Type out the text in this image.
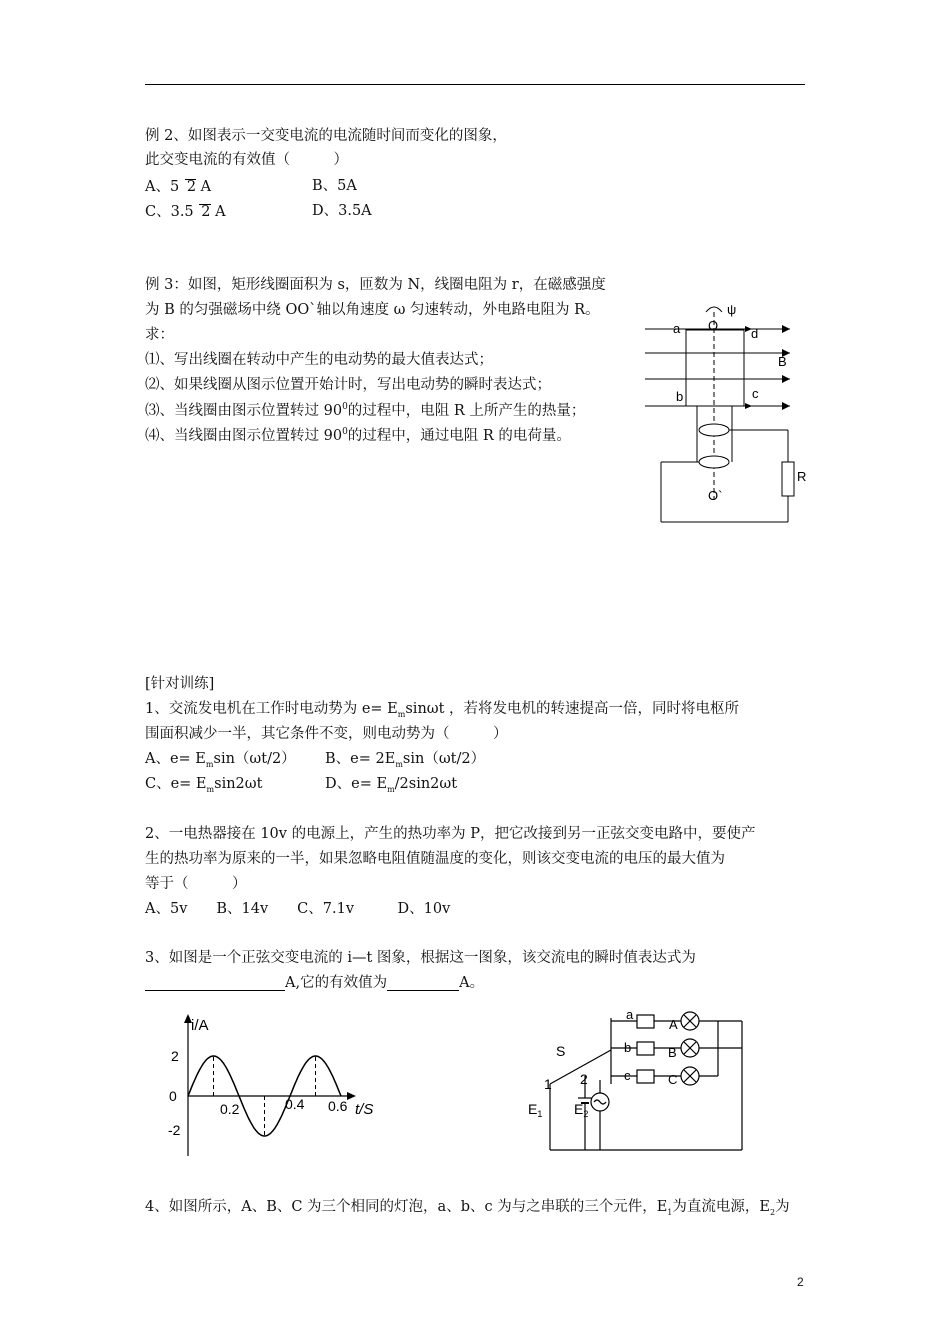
例 2、如图表示一交变电流的电流随时间而变化的图象，
此交变电流的有效值（　　　）
A、5 2 A	B、5A
C、3.5 2 A	D、3.5A
例 3：如图，矩形线圈面积为 s，匝数为 N，线圈电阻为 r，在磁感强度
为 B 的匀强磁场中绕 OO`轴以角速度 ω 匀速转动，外电路电阻为 R。
求：
⑴、写出线圈在转动中产生的电动势的最大值表达式；
⑵、如果线圈从图示位置开始计时，写出电动势的瞬时表达式；
⑶、当线圈由图示位置转过 $90^0$的过程中，电阻 R 上所产生的热量；
⑷、当线圈由图示位置转过 $90^0$的过程中，通过电阻 R 的电荷量。
a O
ψ
d
B
b	c
O`
R
[针对训练]
1、交流发电机在工作时电动势为 $e= E_m\sin\omega t$ ，若将发电机的转速提高一倍，同时将电枢所
围面积减少一半，其它条件不变，则电动势为（　　　）
A、$e= E_m\sin(\omega t/2)$ B、$e= 2E_m\sin(\omega t/2)$
C、$e= E_m\sin 2\omega t$	D、$e= E_m/2\sin 2\omega t$
2、一电热器接在 10v 的电源上，产生的热功率为 P，把它改接到另一正弦交变电路中，要使产
生的热功率为原来的一半，如果忽略电阻值随温度的变化，则该交变电流的电压的最大值为
等于（　　　）
A、5v　　B、14v　　C、7.1v　　　D、10v
3、如图是一个正弦交变电流的 i—t 图象，根据这一图象，该交流电的瞬时值表达式为
A,它的有效值为	A。
i/A
t/S
2
0
-2
0.2	0.4 0.6
a
b
c
A
B
C
S
1 2
$E_1$ $E_2$
4、如图所示，A、B、C 为三个相同的灯泡，a、b、c 为与之串联的三个元件，$E_1$为直流电源，$E_2$为
2
